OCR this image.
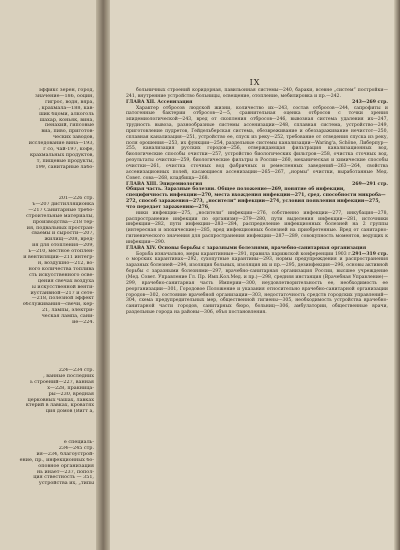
эффикс зерен, город,
значение—186, ооцин,
гигрос, водн, вяра,
, крахмала—188, кав-
шик бцоми, алкоголь
шахар, коньяк, вина,
пенахий, гипсовые
виа, пиво, приготов-
ческих заводов,
исследование вина—193,
г со, чай-197, кофе,
крахмальных продуктов,
т, пищевые продукты,
199, санитарные лабо-
201—226 стр.
ъ—207 дистилляционка
—217 Санитарные требо-
строительные материалы,
производства—218 тер-
ия, подвальных простран-
сваемы и сырости—207,
жилищ—208, вред-
ия для отопления—209,
ь—210, местное отоплен-
и вентиляции—211 интегр-
н, воздушно—212, во-
ного количества топлива
сть искусственного осве-
цения свечах воздуха
ы искусственной венти-
иустанвной—217 и сете-
—218, полезной эффект
обслуживания—свечи, кер-
21, лампы, электри-
ческая лампа, сани-
ие—224.
224—234 стр.
, ванные последних
ь строений—227, ванная
х—228, пракница-
ры—230, вредная
церковных чашах, лавках
ктерий в лавках, кроватях
ция домов (Вигт а,
е специаль-
234—245 стр.
ия—234, благоустрой-
ение, пр., инфекционных бо-
оповное организация
нь инает—237, попол-
ция ствестность — 351,
устройства их, „типы
IX

больничных строений коридорная, павильонная системы—240, бараки, всевне „систем“ постройки—241, внутренние устройство больницы, освещение, отопление, мебилировка и пр.—242.

ГЛАВА XII. Ассенизация	243—269 стр.

Характер отбросов людской жизни, количество их—243, состав отбросов—244, сапрофиты и патогенные бактерии отбросов—2—5, сравнительная оценка отбросов с точки зрения эпидемиологической—243, вред от скопления отбросов—246, вывозная система удаления их—247, трудность вывоза, разнообразные системы ассенизации—248, сплавная система, устройство—249, приготовление пудретов, Гейдельберская система, обезвреживание и обеззараживание нечистот—250, сплавная канализация—251, устройство ее, спуск из реку—252, требование от отведения спуска из реку, поля орошения—253, их функции—254, раздельные системы канализации—Waring'а, Schöne, Либерпур—255, канализация русских городов—256, отверждающая фильтрация канализационных вод, биологические способы очистки—257, устройство биологических фильтров—258, очистка сточных вод, результаты очистки—259, биологические фильтры в России—260, механическая и химические способы очистки—261, очистка сточных вод фабричных и ремесленных заведений—263—264, свойства ассенизационных полей, касающиеся ассенизации—265—267, „нормы“ очистки, выработанные Мед. Совет. сова—268, кладбища—268.

ГЛАВА XIII. Эпидемиология	269—291 стр.

Общая часть. Заразные болезни. Общее положение—269, понятие об инфекции, специфичность инфекции—270, места вхождения инфекции—271, сред. способности микроба—272, способ заражения—273, „носители“ инфекции—274, условия появления инфекции—275, что передает заражению—276,

ники инфекции—275, „носители“ инфекции—276, собственно инфекции—277, инкубация—278, распространение инфекции по организму—279—280, пути выделения инфекции—281, источники инфекции—282, пути инфекции—283—284, распределение инфекционных болезней на 2 группы (интересная и эпохические)—285, вред инфекционных болезней на приобретенные. Вред от санитарно-гигиенического значения для распространения инфекции—287—289, совокупность моментов, ведущих к инфекции—290.

ГЛАВА XIV. Основы борьбы с заразными болезнями, врачебно-санитарная организация
291—319 стр.

Борьба изначально, меры карантинные—291, правила парижской конференции 1903 г. о морских карантинах—292, сухопутные карантины—293, нормы предупреждения и распространения заразных болезней—294, изоляция больных, изоляция их и пр.—295, дезинфекция—296, основы активной борьбы с заразными болезнями—297, врачебно-санитарная организация России, высшее учреждение (Мед. Совет. Управление Гл. Пр. Имп.Кол.Мед. и пр.)—298, средняя инстанция (Врачебная Управление)—299, врачебно-санитарная часть Империи—300, неудовлетворительность ее, необходимость ее реорганизации—301, Городовое Положение и указания относительно врачебно-санитарной организации городов—302, состояние врачебной организации—303, недостаточность средств городских управлений—304, схема предупредительных мер, общественной гигиены—305, необходимость устройства врачебно-санитарной части городов, санитарных бюро, больниц—306, амбулатории, общественные врачи, раздельные города на районы—306, объя постановления.
